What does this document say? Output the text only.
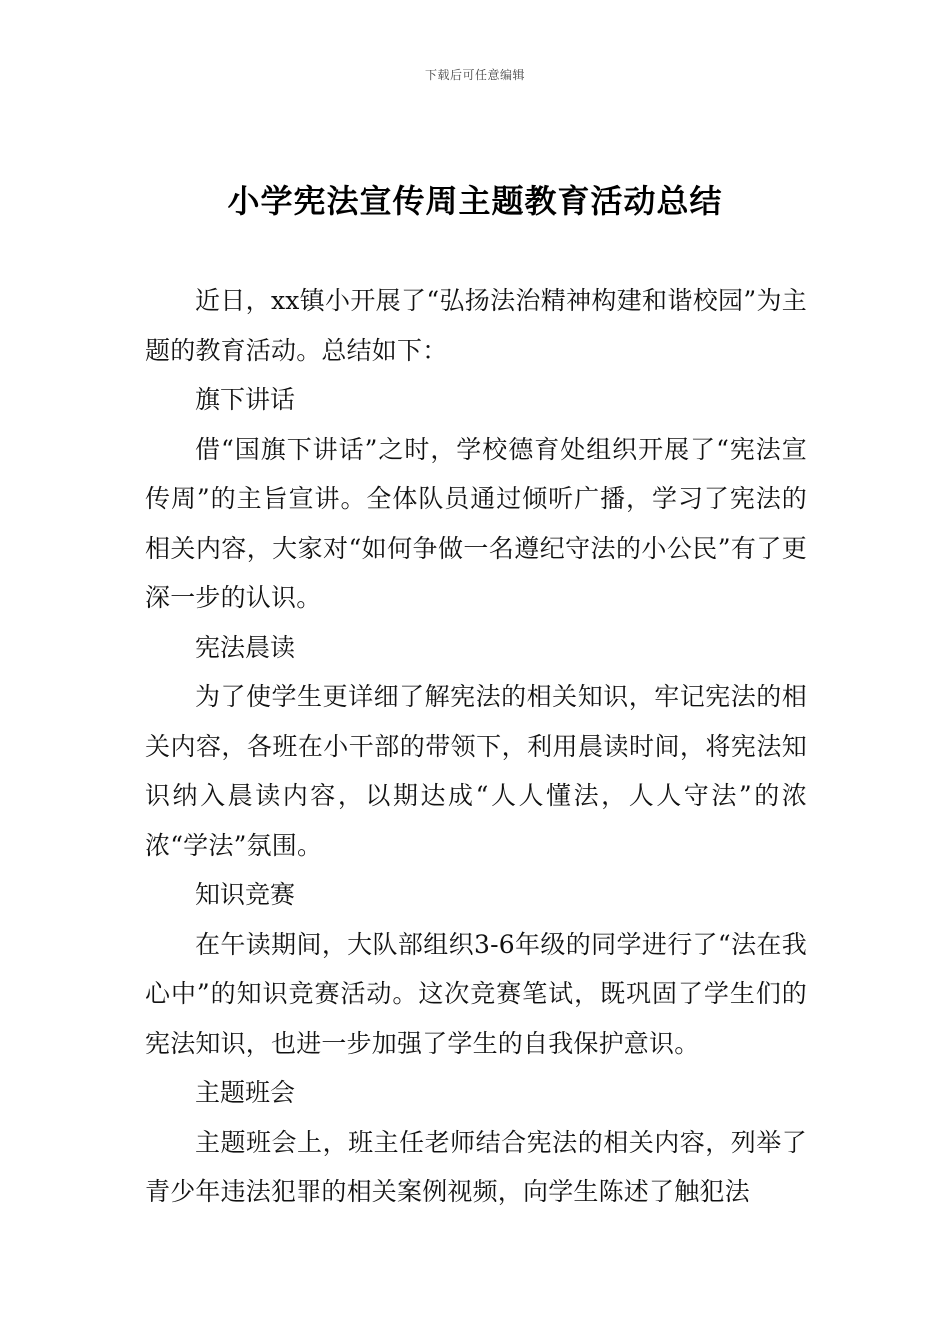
下载后可任意编辑
小学宪法宣传周主题教育活动总结

近日，xx镇小开展了“弘扬法治精神构建和谐校园”为主题的教育活动。总结如下：

旗下讲话

借“国旗下讲话”之时，学校德育处组织开展了“宪法宣传周”的主旨宣讲。全体队员通过倾听广播，学习了宪法的相关内容，大家对“如何争做一名遵纪守法的小公民”有了更深一步的认识。

宪法晨读

为了使学生更详细了解宪法的相关知识，牢记宪法的相关内容，各班在小干部的带领下，利用晨读时间，将宪法知识纳入晨读内容，以期达成“人人懂法，人人守法”的浓浓“学法”氛围。

知识竞赛

在午读期间，大队部组织3-6年级的同学进行了“法在我心中”的知识竞赛活动。这次竞赛笔试，既巩固了学生们的宪法知识，也进一步加强了学生的自我保护意识。

主题班会

主题班会上，班主任老师结合宪法的相关内容，列举了青少年违法犯罪的相关案例视频，向学生陈述了触犯法
